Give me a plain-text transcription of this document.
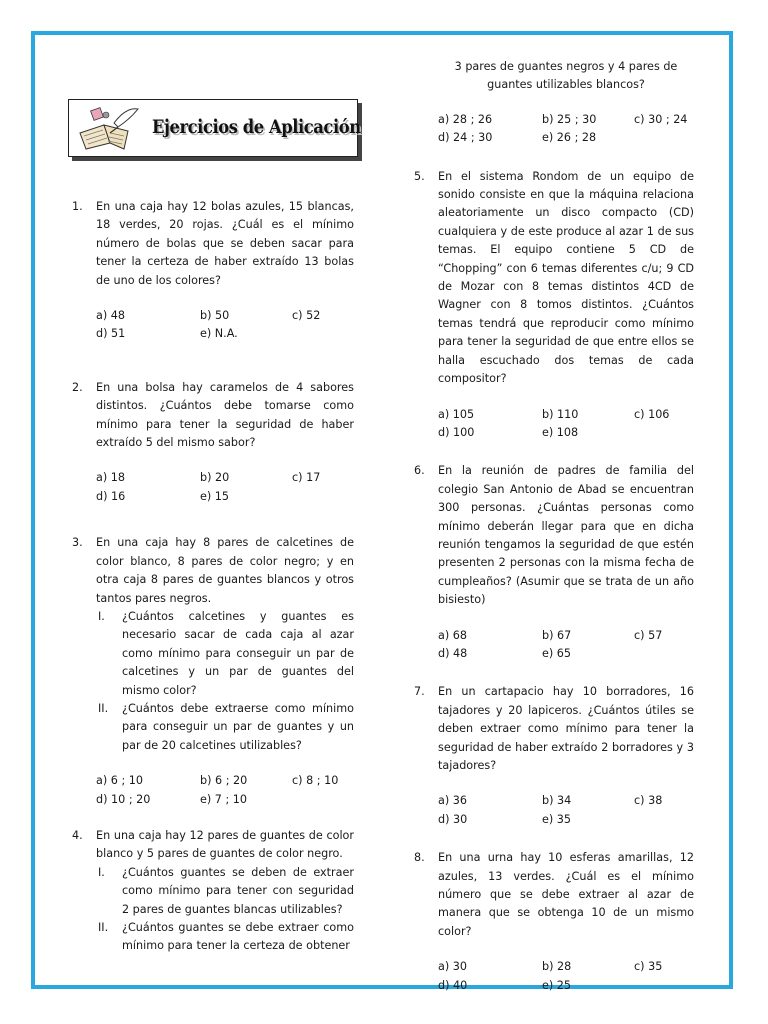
Ejercicios de Aplicación
1. En una caja hay 12 bolas azules, 15 blancas, 18 verdes, 20 rojas. ¿Cuál es el mínimo número de bolas que se deben sacar para tener la certeza de haber extraído 13 bolas de uno de los colores?
a) 48	b) 50	c) 52
d) 51	e) N.A.
2. En una bolsa hay caramelos de 4 sabores distintos. ¿Cuántos debe tomarse como mínimo para tener la seguridad de haber extraído 5 del mismo sabor?
a) 18	b) 20	c) 17
d) 16	e) 15
3. En una caja hay 8 pares de calcetines de color blanco, 8 pares de color negro; y en otra caja 8 pares de guantes blancos y otros tantos pares negros.
I. ¿Cuántos calcetines y guantes es necesario sacar de cada caja al azar como mínimo para conseguir un par de calcetines y un par de guantes del mismo color?
II. ¿Cuántos debe extraerse como mínimo para conseguir un par de guantes y un par de 20 calcetines utilizables?
a) 6 ; 10	b) 6 ; 20	c) 8 ; 10
d) 10 ; 20	e) 7 ; 10
4. En una caja hay 12 pares de guantes de color blanco y 5 pares de guantes de color negro.
I. ¿Cuántos guantes se deben de extraer como mínimo para tener con seguridad 2 pares de guantes blancas utilizables?
II. ¿Cuántos guantes se debe extraer como mínimo para tener la certeza de obtener
3 pares de guantes negros y 4 pares de guantes utilizables blancos?
a) 28 ; 26	b) 25 ; 30	c) 30 ; 24
d) 24 ; 30	e) 26 ; 28
5. En el sistema Rondom de un equipo de sonido consiste en que la máquina relaciona aleatoriamente un disco compacto (CD) cualquiera y de este produce al azar 1 de sus temas. El equipo contiene 5 CD de “Chopping” con 6 temas diferentes c/u; 9 CD de Mozar con 8 temas distintos 4CD de Wagner con 8 tomos distintos. ¿Cuántos temas tendrá que reproducir como mínimo para tener la seguridad de que entre ellos se halla escuchado dos temas de cada compositor?
a) 105	b) 110	c) 106
d) 100	e) 108
6. En la reunión de padres de familia del colegio San Antonio de Abad se encuentran 300 personas. ¿Cuántas personas como mínimo deberán llegar para que en dicha reunión tengamos la seguridad de que estén presenten 2 personas con la misma fecha de cumpleaños? (Asumir que se trata de un año bisiesto)
a) 68	b) 67	c) 57
d) 48	e) 65
7. En un cartapacio hay 10 borradores, 16 tajadores y 20 lapiceros. ¿Cuántos útiles se deben extraer como mínimo para tener la seguridad de haber extraído 2 borradores y 3 tajadores?
a) 36	b) 34	c) 38
d) 30	e) 35
8. En una urna hay 10 esferas amarillas, 12 azules, 13 verdes. ¿Cuál es el mínimo número que se debe extraer al azar de manera que se obtenga 10 de un mismo color?
a) 30	b) 28	c) 35
d) 40	e) 25
